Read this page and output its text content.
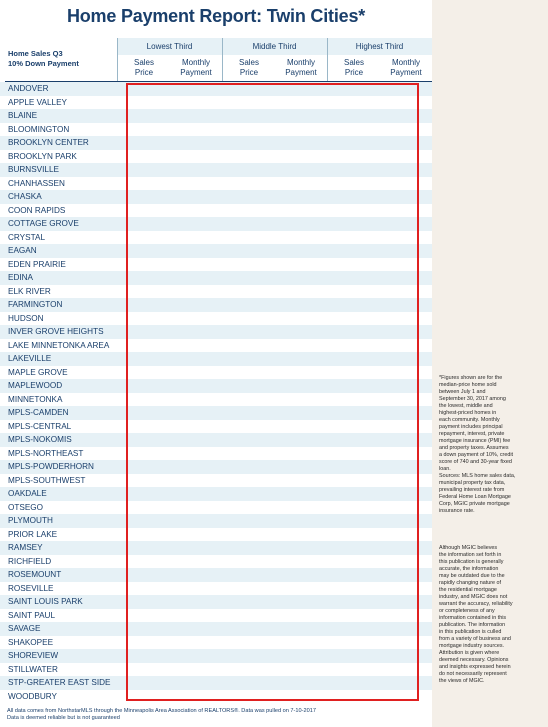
Home Payment Report: Twin Cities*
Home Sales Q3
10% Down Payment
Lowest Third	Middle Third	Highest Third
Sales
Price
Monthly
Payment
Sales
Price
Monthly
Payment
Sales
Price
Monthly
Payment
ANDOVER
APPLE VALLEY
BLAINE
BLOOMINGTON
BROOKLYN CENTER
BROOKLYN PARK
BURNSVILLE
CHANHASSEN
CHASKA
COON RAPIDS
COTTAGE GROVE
CRYSTAL
EAGAN
EDEN PRAIRIE
EDINA
ELK RIVER
FARMINGTON
HUDSON
INVER GROVE HEIGHTS
LAKE MINNETONKA AREA
LAKEVILLE
MAPLE GROVE
MAPLEWOOD
MINNETONKA
MPLS-CAMDEN
MPLS-CENTRAL
MPLS-NOKOMIS
MPLS-NORTHEAST
MPLS-POWDERHORN
MPLS-SOUTHWEST
OAKDALE
OTSEGO
PLYMOUTH
PRIOR LAKE
RAMSEY
RICHFIELD
ROSEMOUNT
ROSEVILLE
SAINT LOUIS PARK
SAINT PAUL
SAVAGE
SHAKOPEE
SHOREVIEW
STILLWATER
STP-GREATER EAST SIDE
WOODBURY
All data comes from NorthstarMLS through the Minneapolis Area Association of REALTORS®. Data was pulled on 7-10-2017
Data is deemed reliable but is not guaranteed
*Figures shown are for the
median-price home sold
between July 1 and
September 30, 2017 among
the lowest, middle and
highest-priced homes in
each community. Monthly
payment includes principal
repayment, interest, private
mortgage insurance (PMI) fee
and property taxes. Assumes
a down payment of 10%, credit
score of 740 and 30-year fixed
loan.
Sources: MLS home sales data,
municipal property tax data,
prevailing interest rate from
Federal Home Loan Mortgage
Corp, MGIC private mortgage
insurance rate.
Although MGIC believes
the information set forth in
this publication is generally
accurate, the information
may be outdated due to the
rapidly changing nature of
the residential mortgage
industry, and MGIC does not
warrant the accuracy, reliability
or completeness of any
information contained in this
publication. The information
in this publication is culled
from a variety of business and
mortgage industry sources.
Attribution is given where
deemed necessary. Opinions
and insights expressed herein
do not necessarily represent
the views of MGIC.
